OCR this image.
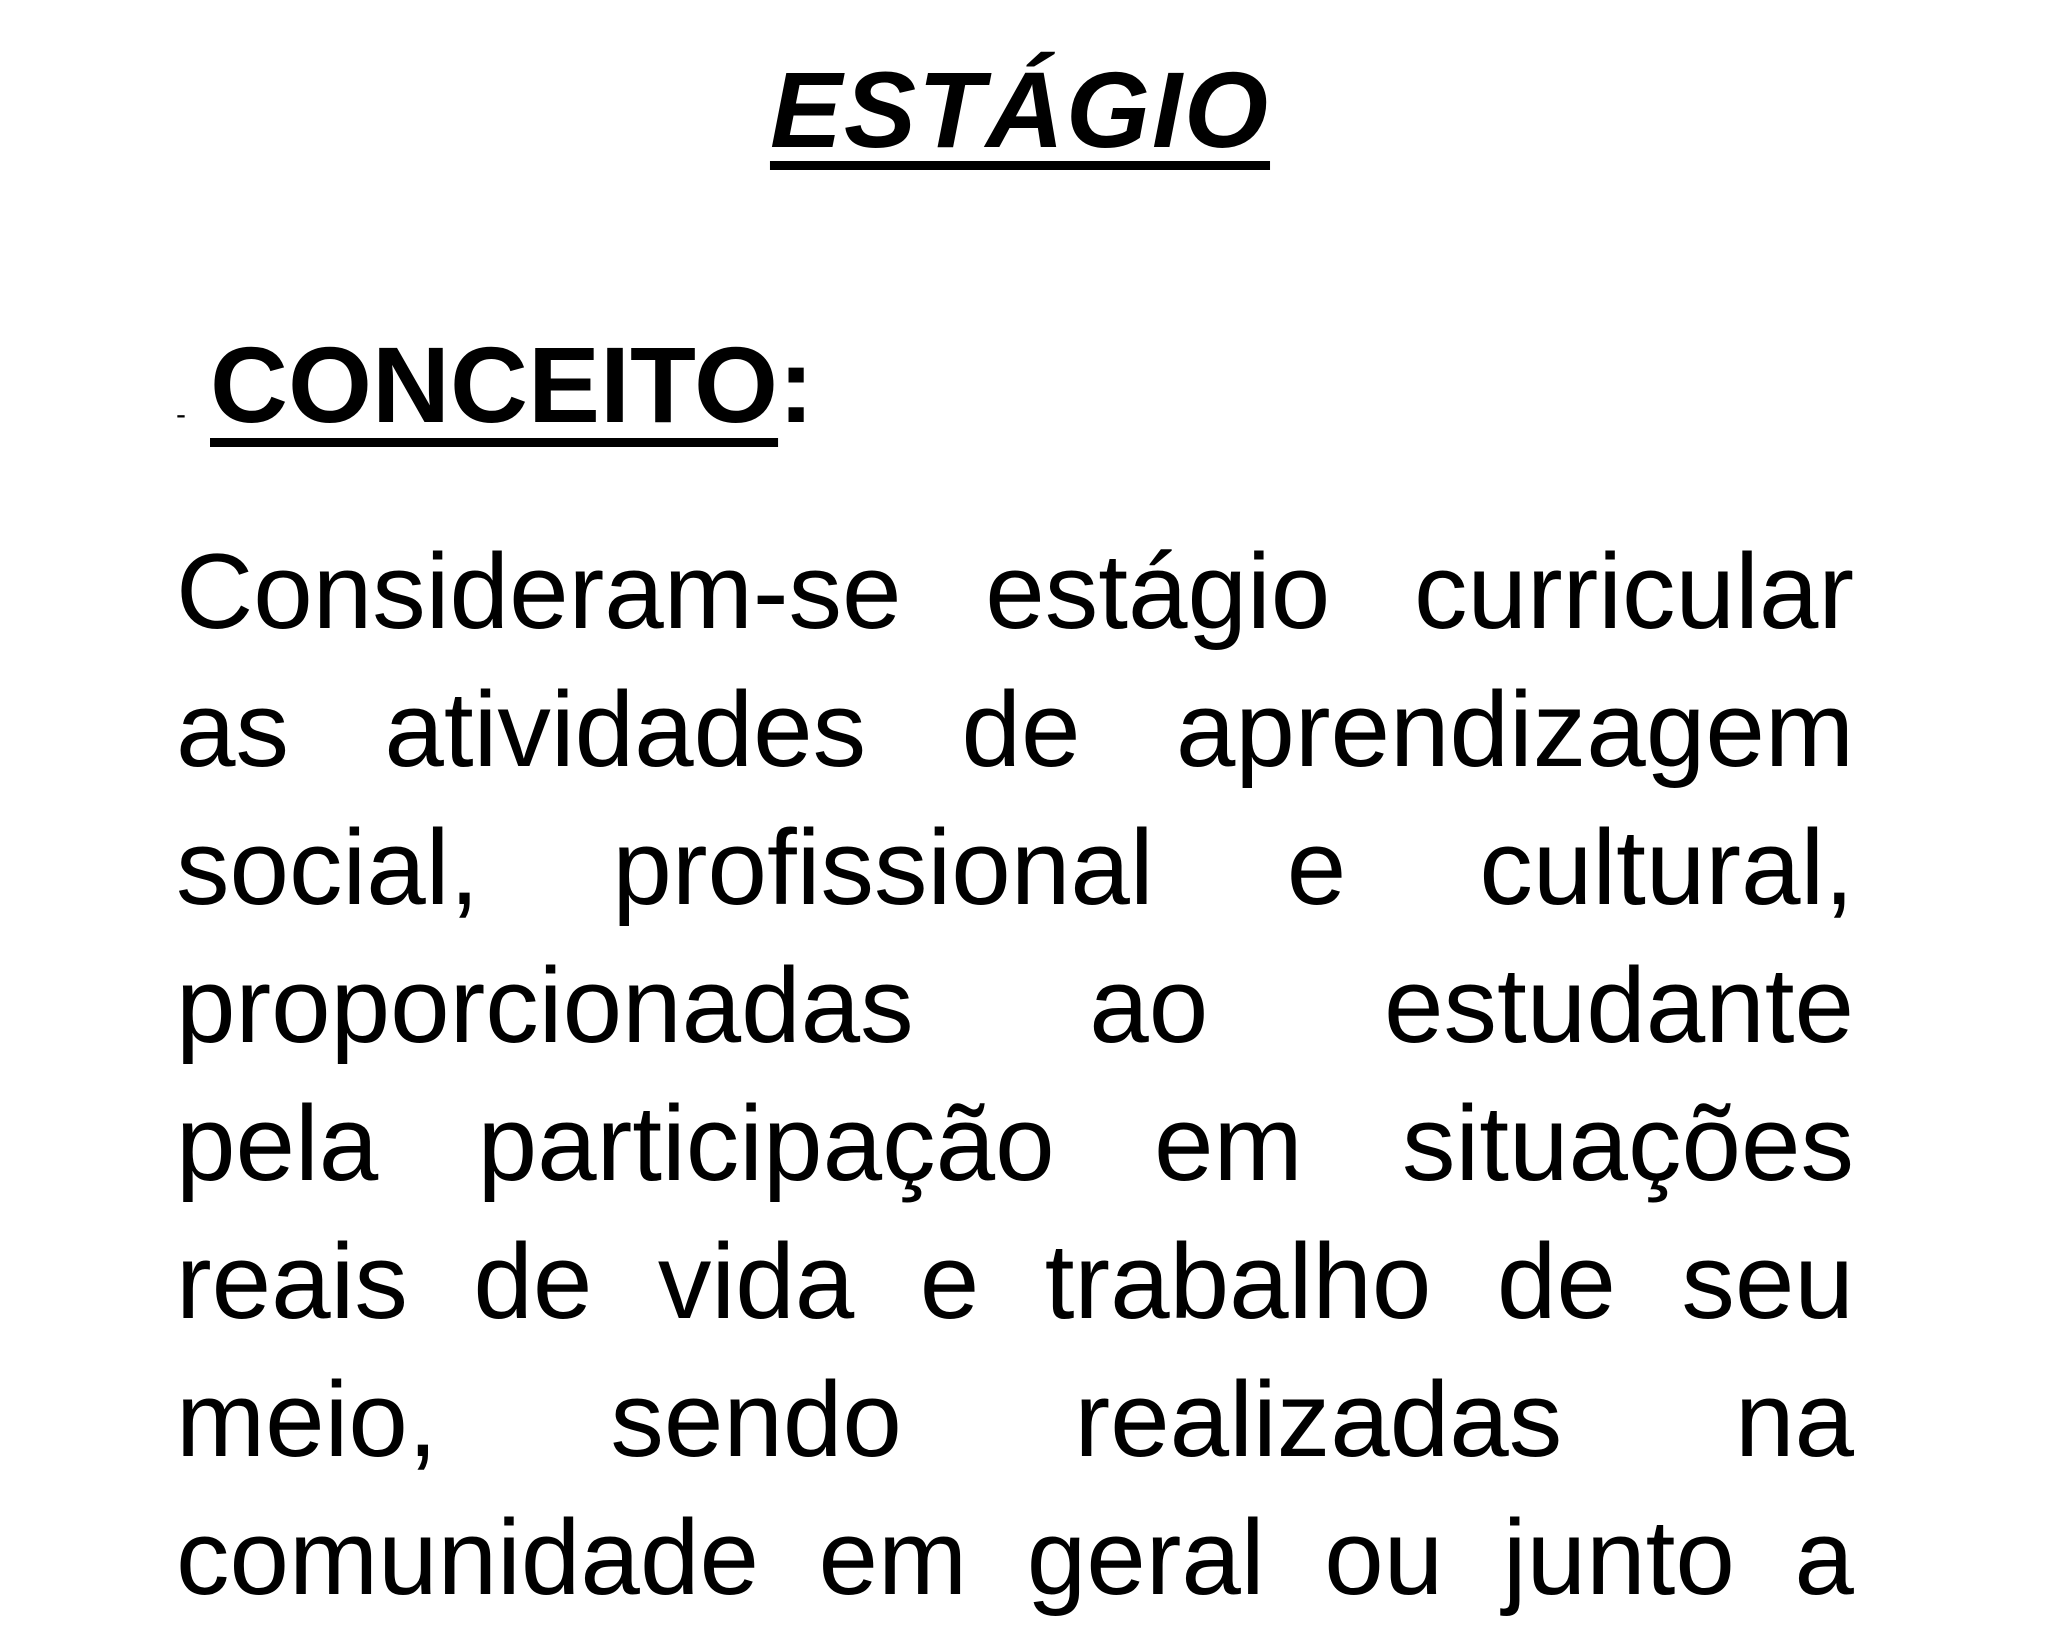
ESTÁGIO
- CONCEITO:
Consideram-se estágio curricular
as atividades de aprendizagem
social, profissional e cultural,
proporcionadas ao estudante
pela participação em situações
reais de vida e trabalho de seu
meio, sendo realizadas na
comunidade em geral ou junto a
